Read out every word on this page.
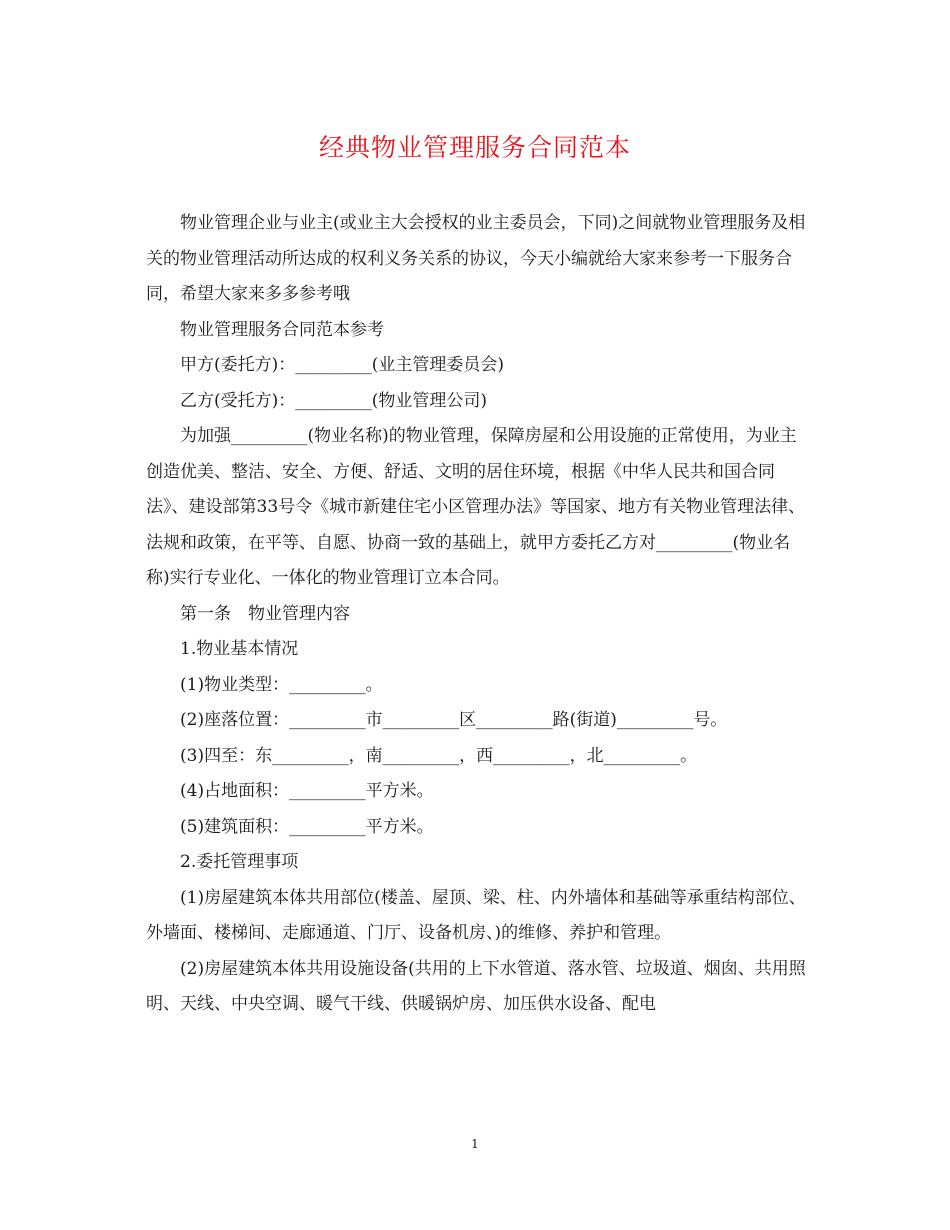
经典物业管理服务合同范本

物业管理企业与业主(或业主大会授权的业主委员会，下同)之间就物业管理服务及相关的物业管理活动所达成的权利义务关系的协议，今天小编就给大家来参考一下服务合同，希望大家来多多参考哦

物业管理服务合同范本参考

甲方(委托方)：_________(业主管理委员会)

乙方(受托方)：_________(物业管理公司)

为加强_________(物业名称)的物业管理，保障房屋和公用设施的正常使用，为业主创造优美、整洁、安全、方便、舒适、文明的居住环境，根据《中华人民共和国合同法》、建设部第33号令《城市新建住宅小区管理办法》等国家、地方有关物业管理法律、法规和政策，在平等、自愿、协商一致的基础上，就甲方委托乙方对_________(物业名称)实行专业化、一体化的物业管理订立本合同。

第一条　物业管理内容

1.物业基本情况

(1)物业类型：_________。

(2)座落位置：_________市_________区_________路(街道)_________号。

(3)四至：东_________，南_________，西_________，北_________。

(4)占地面积：_________平方米。

(5)建筑面积：_________平方米。

2.委托管理事项

(1)房屋建筑本体共用部位(楼盖、屋顶、梁、柱、内外墙体和基础等承重结构部位、外墙面、楼梯间、走廊通道、门厅、设备机房、)的维修、养护和管理。

(2)房屋建筑本体共用设施设备(共用的上下水管道、落水管、垃圾道、烟囱、共用照明、天线、中央空调、暖气干线、供暖锅炉房、加压供水设备、配电

1
